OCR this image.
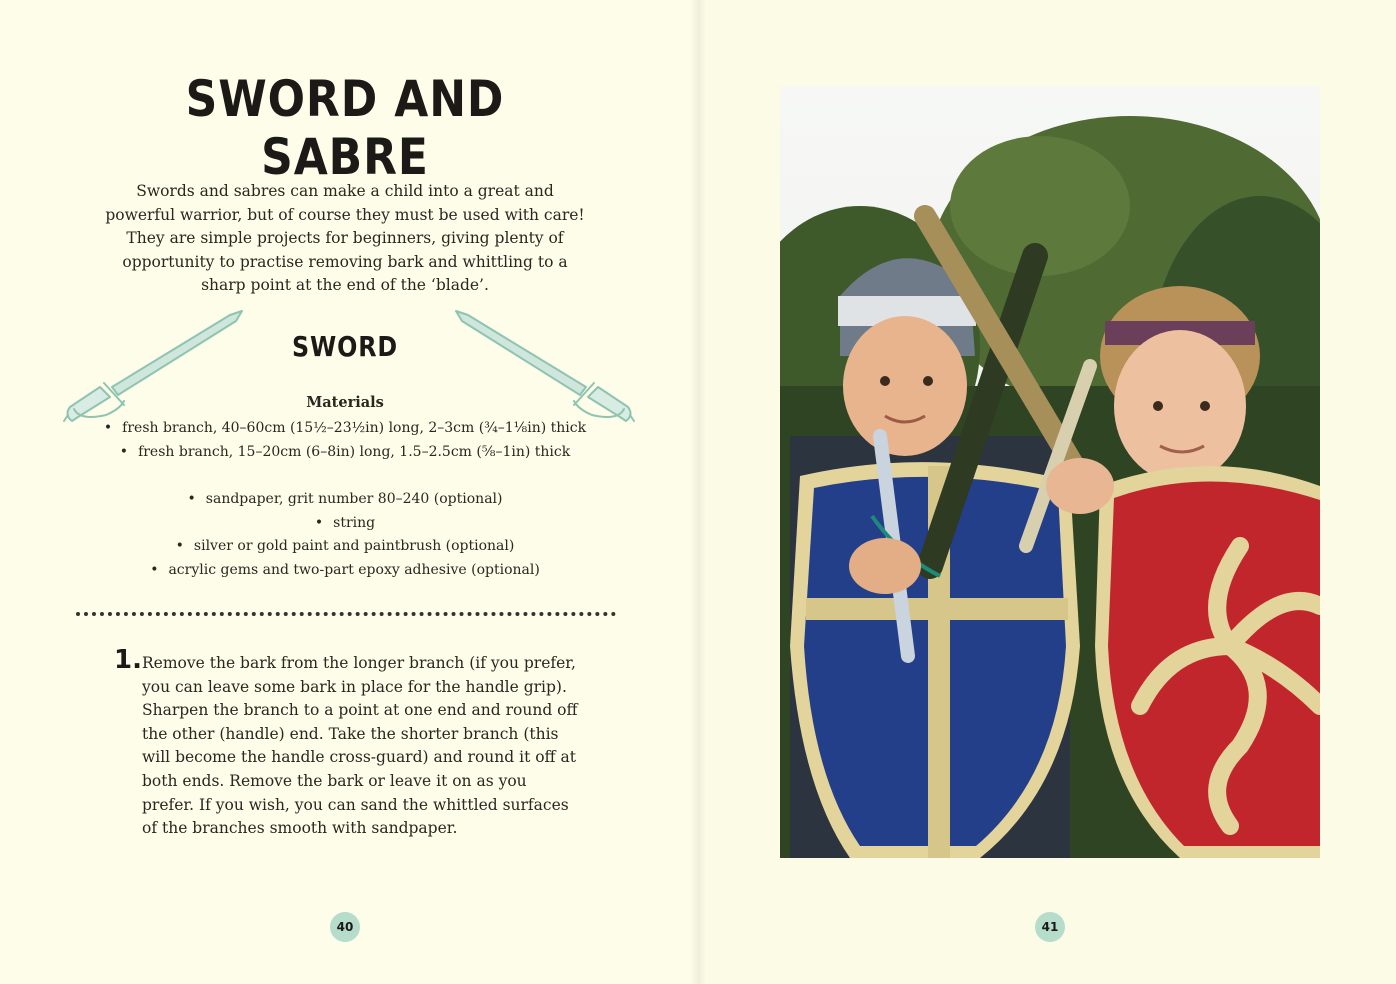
SWORD AND SABRE
Swords and sabres can make a child into a great and powerful warrior, but of course they must be used with care! They are simple projects for beginners, giving plenty of opportunity to practise removing bark and whittling to a sharp point at the end of the ‘blade’.
SWORD
Materials
• fresh branch, 40–60cm (15½–23½in) long, 2–3cm (¾–1⅛in) thick
• fresh branch, 15–20cm (6–8in) long, 1.5–2.5cm (⅝–1in) thick
• sandpaper, grit number 80–240 (optional)
• string
• silver or gold paint and paintbrush (optional)
• acrylic gems and two-part epoxy adhesive (optional)
1. Remove the bark from the longer branch (if you prefer, you can leave some bark in place for the handle grip). Sharpen the branch to a point at one end and round off the other (handle) end. Take the shorter branch (this will become the handle cross-guard) and round it off at both ends. Remove the bark or leave it on as you prefer. If you wish, you can sand the whittled surfaces of the branches smooth with sandpaper.
40	41
